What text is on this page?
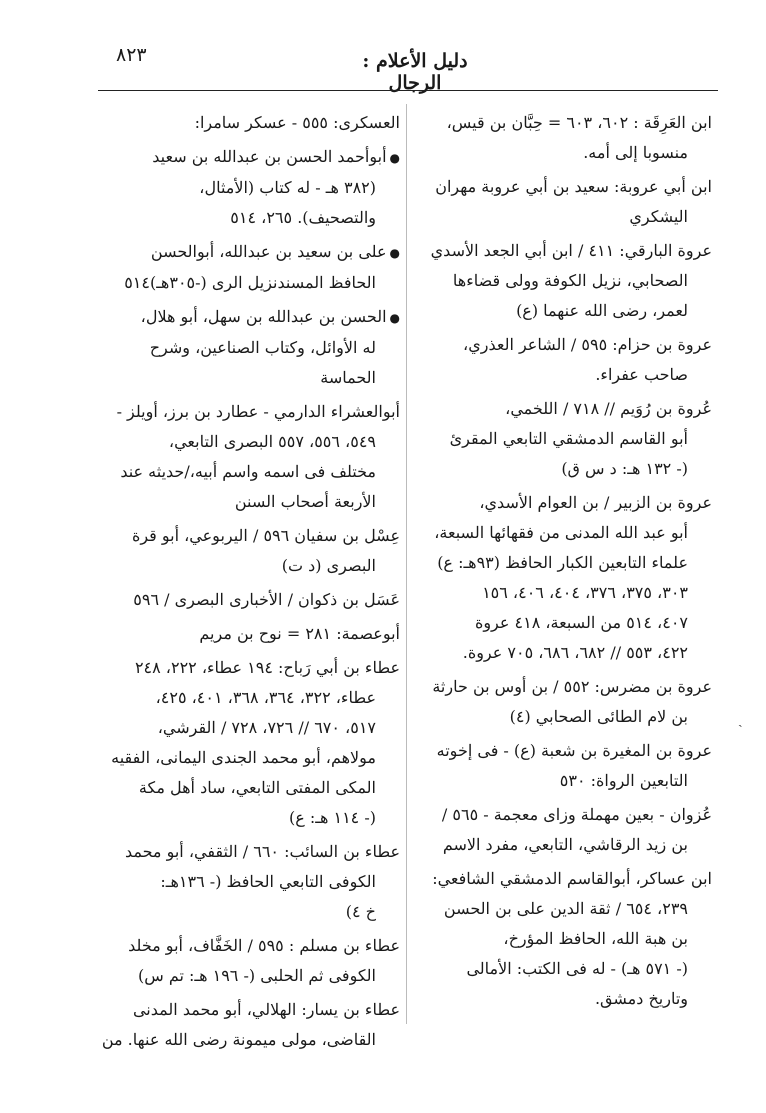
٨٢٣	دليل الأعلام : الرجال
ابن العَرِقَة : ٦٠٢، ٦٠٣ = حِبَّان بن قيس،
منسوبا إلى أمه.
ابن أبي عروبة: سعيد بن أبي عروبة مهران
اليشكري
عروة البارقي: ٤١١ / ابن أبي الجعد الأسدي
الصحابي، نزيل الكوفة وولى قضاءها
لعمر، رضى الله عنهما (ع)
عروة بن حزام: ٥٩٥ / الشاعر العذري،
صاحب عفراء.
عُروة بن رُوَيم // ٧١٨ / اللخمي،
أبو القاسم الدمشقي التابعي المقرئ
(- ١٣٢ هـ: د س ق)
عروة بن الزبير / بن العوام الأسدي،
أبو عبد الله المدنى من فقهائها السبعة،
علماء التابعين الكبار الحافظ (٩٣هـ: ع)
٣٠٣، ٣٧٥، ٣٧٦، ٤٠٤، ٤٠٦، ١٥٦
٤٠٧، ٥١٤ من السبعة، ٤١٨ عروة
٤٢٢، ٥٥٣ // ٦٨٢، ٦٨٦، ٧٠٥ عروة.
عروة بن مضرس: ٥٥٢ / بن أوس بن حارثة
بن لام الطائى الصحابي (٤)
عروة بن المغيرة بن شعبة (ع) - فى إخوته
التابعين الرواة: ٥٣٠
عُزوان - بعين مهملة وزاى معجمة - ٥٦٥ /
بن زيد الرقاشي، التابعي، مفرد الاسم
ابن عساكر، أبوالقاسم الدمشقي الشافعي:
٢٣٩، ٦٥٤ / ثقة الدين على بن الحسن
بن هبة الله، الحافظ المؤرخ،
(- ٥٧١ هـ) - له فى الكتب: الأمالى
وتاريخ دمشق.
العسكرى: ٥٥٥ - عسكر سامرا:
●أبوأحمد الحسن بن عبدالله بن سعيد
(٣٨٢ هـ - له كتاب (الأمثال،
والتصحيف). ٢٦٥، ٥١٤
●على بن سعيد بن عبدالله، أبوالحسن
الحافظ المسندنزيل الرى (-٣٠٥هـ)٥١٤
●الحسن بن عبدالله بن سهل، أبو هلال،
له الأوائل، وكتاب الصناعين، وشرح
الحماسة
أبوالعشراء الدارمي - عطارد بن برز، أويلز -
٥٤٩، ٥٥٦، ٥٥٧ البصرى التابعي،
مختلف فى اسمه واسم أبيه،/حديثه عند
الأربعة أصحاب السنن
عِسْل بن سفيان ٥٩٦ / اليربوعي، أبو قرة
البصرى (د ت)
عَسَل بن ذكوان / الأخبارى البصرى / ٥٩٦
أبوعصمة: ٢٨١ = نوح بن مريم
عطاء بن أبي رَباح: ١٩٤ عطاء، ٢٢٢، ٢٤٨
عطاء، ٣٢٢، ٣٦٤، ٣٦٨، ٤٠١، ٤٢٥،
٥١٧، ٦٧٠ // ٧٢٦، ٧٢٨ / القرشي،
مولاهم، أبو محمد الجندى اليمانى، الفقيه
المكى المفتى التابعي، ساد أهل مكة
(- ١١٤ هـ: ع)
عطاء بن السائب: ٦٦٠ / الثقفي، أبو محمد
الكوفى التابعي الحافظ (- ١٣٦هـ:
خ ٤)
عطاء بن مسلم : ٥٩٥ / الخَفَّاف، أبو مخلد
الكوفى ثم الحلبى (- ١٩٦ هـ: تم س)
عطاء بن يسار: الهلالي، أبو محمد المدنى
القاضى، مولى ميمونة رضى الله عنها. من
ˏ
